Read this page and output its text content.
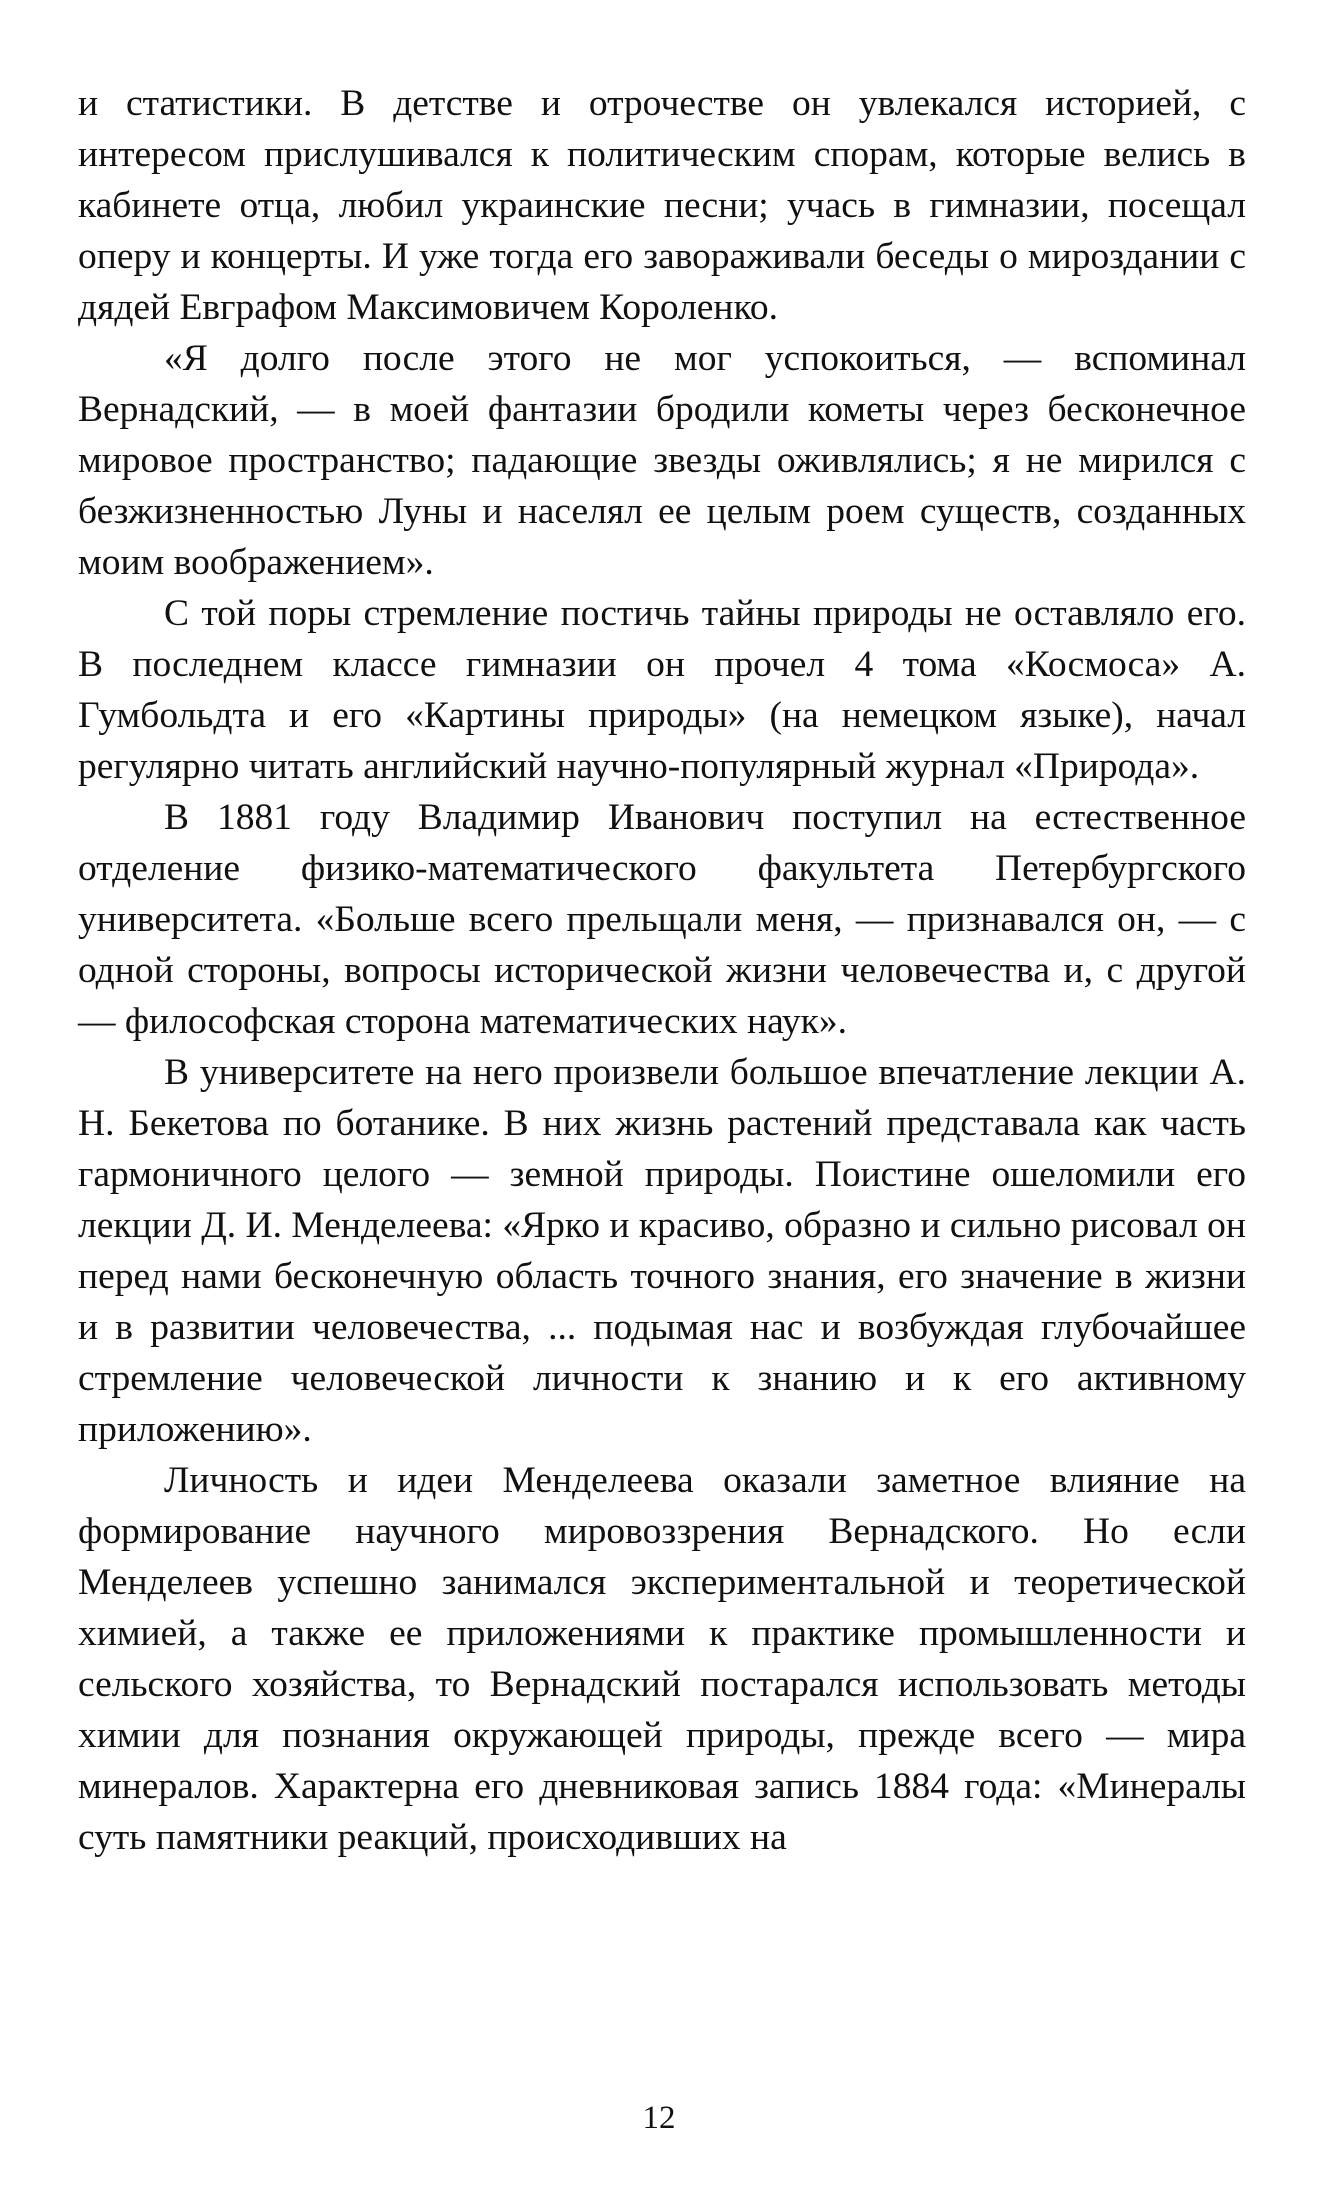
и статистики. В детстве и отрочестве он увлекался историей, с интересом прислушивался к политическим спорам, которые велись в кабинете отца, любил украинские песни; учась в гимназии, посещал оперу и концерты. И уже тогда его завораживали беседы о мироздании с дядей Евграфом Максимовичем Короленко.

«Я долго после этого не мог успокоиться, — вспоминал Вернадский, — в моей фантазии бродили кометы через бесконечное мировое пространство; падающие звезды оживлялись; я не мирился с безжизненностью Луны и населял ее целым роем существ, созданных моим воображением».

С той поры стремление постичь тайны природы не оставляло его. В последнем классе гимназии он прочел 4 тома «Космоса» А. Гумбольдта и его «Картины природы» (на немецком языке), начал регулярно читать английский научно-популярный журнал «Природа».

В 1881 году Владимир Иванович поступил на естественное отделение физико-математического факультета Петербургского университета. «Больше всего прельщали меня, — признавался он, — с одной стороны, вопросы исторической жизни человечества и, с другой — философская сторона математических наук».

В университете на него произвели большое впечатление лекции А. Н. Бекетова по ботанике. В них жизнь растений представала как часть гармоничного целого — земной природы. Поистине ошеломили его лекции Д. И. Менделеева: «Ярко и красиво, образно и сильно рисовал он перед нами бесконечную область точного знания, его значение в жизни и в развитии человечества, ... подымая нас и возбуждая глубочайшее стремление человеческой личности к знанию и к его активному приложению».

Личность и идеи Менделеева оказали заметное влияние на формирование научного мировоззрения Вернадского. Но если Менделеев успешно занимался экспериментальной и теоретической химией, а также ее приложениями к практике промышленности и сельского хозяйства, то Вернадский постарался использовать методы химии для познания окружающей природы, прежде всего — мира минералов. Характерна его дневниковая запись 1884 года: «Минералы суть памятники реакций, происходивших на

12
